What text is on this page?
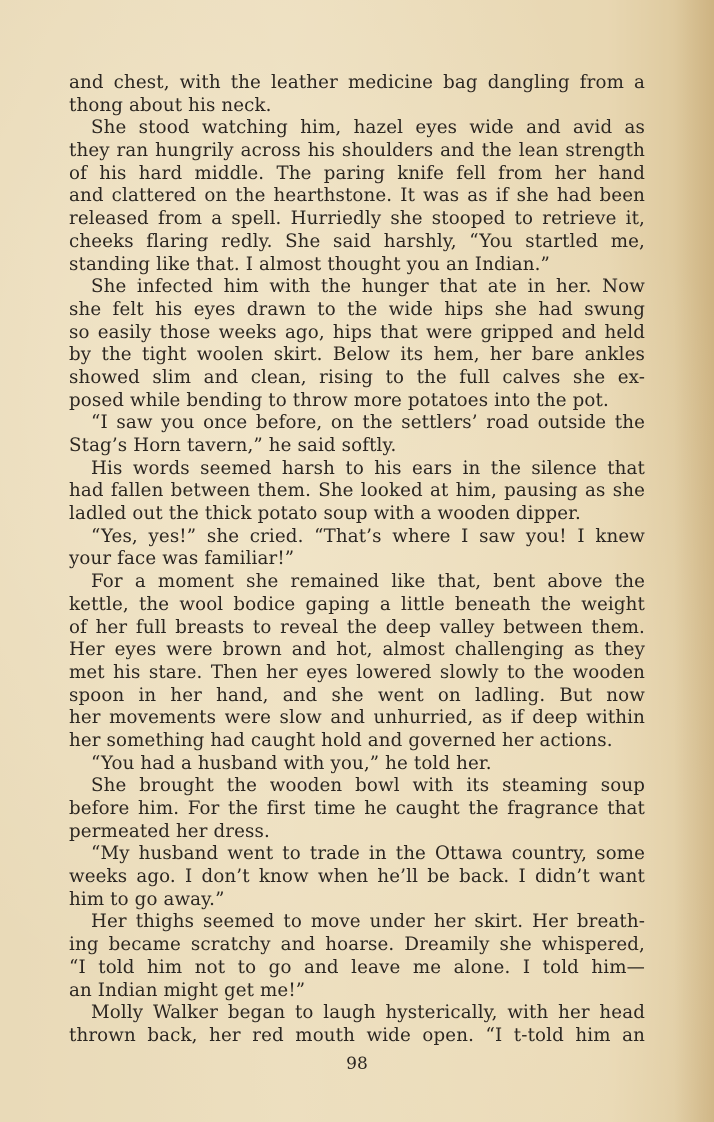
and chest, with the leather medicine bag dangling from a
thong about his neck.
She stood watching him, hazel eyes wide and avid as
they ran hungrily across his shoulders and the lean strength
of his hard middle. The paring knife fell from her hand
and clattered on the hearthstone. It was as if she had been
released from a spell. Hurriedly she stooped to retrieve it,
cheeks flaring redly. She said harshly, “You startled me,
standing like that. I almost thought you an Indian.”
She infected him with the hunger that ate in her. Now
she felt his eyes drawn to the wide hips she had swung
so easily those weeks ago, hips that were gripped and held
by the tight woolen skirt. Below its hem, her bare ankles
showed slim and clean, rising to the full calves she ex-
posed while bending to throw more potatoes into the pot.
“I saw you once before, on the settlers’ road outside the
Stag’s Horn tavern,” he said softly.
His words seemed harsh to his ears in the silence that
had fallen between them. She looked at him, pausing as she
ladled out the thick potato soup with a wooden dipper.
“Yes, yes!” she cried. “That’s where I saw you! I knew
your face was familiar!”
For a moment she remained like that, bent above the
kettle, the wool bodice gaping a little beneath the weight
of her full breasts to reveal the deep valley between them.
Her eyes were brown and hot, almost challenging as they
met his stare. Then her eyes lowered slowly to the wooden
spoon in her hand, and she went on ladling. But now
her movements were slow and unhurried, as if deep within
her something had caught hold and governed her actions.
“You had a husband with you,” he told her.
She brought the wooden bowl with its steaming soup
before him. For the first time he caught the fragrance that
permeated her dress.
“My husband went to trade in the Ottawa country, some
weeks ago. I don’t know when he’ll be back. I didn’t want
him to go away.”
Her thighs seemed to move under her skirt. Her breath-
ing became scratchy and hoarse. Dreamily she whispered,
“I told him not to go and leave me alone. I told him—
an Indian might get me!”
Molly Walker began to laugh hysterically, with her head
thrown back, her red mouth wide open. “I t-told him an
98
